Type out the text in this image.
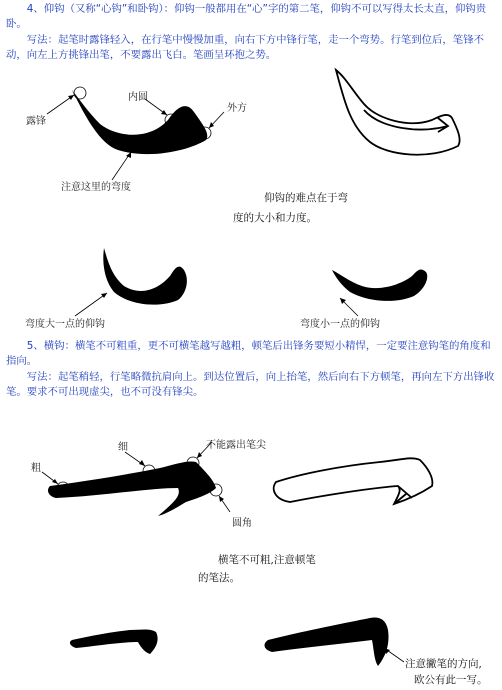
4、仰钩（又称“心钩”和卧钩）：仰钩一般都用在“心”字的第二笔，仰钩不可以写得太长太直，仰钩贵卧。

写法：起笔时露锋轻入，在行笔中慢慢加重，向右下方中锋行笔，走一个弯势。行笔到位后，笔锋不动，向左上方挑锋出笔，不要露出飞白。笔画呈环抱之势。

露锋
内圆
外方
注意这里的弯度
仰钩的难点在于弯
度的大小和力度。
弯度大一点的仰钩	弯度小一点的仰钩

5、横钩：横笔不可粗重，更不可横笔越写越粗，顿笔后出锋务要短小精悍，一定要注意钩笔的角度和指向。

写法：起笔稍轻，行笔略微抗肩向上。到达位置后，向上抬笔，然后向右下方顿笔，再向左下方出锋收笔。要求不可出现虚尖，也不可没有锋尖。

粗
细	不能露出笔尖
圆角
横笔不可粗,注意顿笔
的笔法。
注意撇笔的方向,
欧公有此一写。
